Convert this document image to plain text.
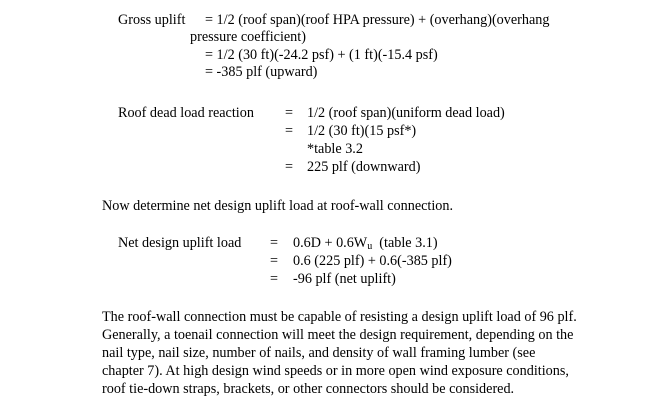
Gross uplift = 1/2 (roof span)(roof HPA pressure) + (overhang)(overhang
pressure coefficient)
= 1/2 (30 ft)(-24.2 psf) + (1 ft)(-15.4 psf)
= -385 plf (upward)
Roof dead load reaction = 1/2 (roof span)(uniform dead load)
= 1/2 (30 ft)(15 psf*)
*table 3.2
= 225 plf (downward)
Now determine net design uplift load at roof-wall connection.
Net design uplift load = $0.6D + 0.6W_u$  (table 3.1)
= 0.6 (225 plf) + 0.6(-385 plf)
= -96 plf (net uplift)
The roof-wall connection must be capable of resisting a design uplift load of 96 plf.
Generally, a toenail connection will meet the design requirement, depending on the
nail type, nail size, number of nails, and density of wall framing lumber (see
chapter 7). At high design wind speeds or in more open wind exposure conditions,
roof tie-down straps, brackets, or other connectors should be considered.
